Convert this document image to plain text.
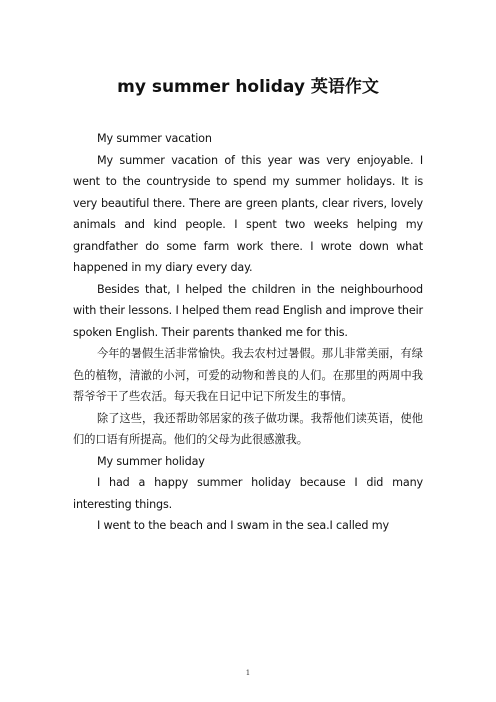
my summer holiday 英语作文

My summer vacation

My summer vacation of this year was very enjoyable. I went to the countryside to spend my summer holidays. It is very beautiful there. There are green plants, clear rivers, lovely animals and kind people. I spent two weeks helping my grandfather do some farm work there. I wrote down what happened in my diary every day.

Besides that, I helped the children in the neighbourhood with their lessons. I helped them read English and improve their spoken English. Their parents thanked me for this.

今年的暑假生活非常愉快。我去农村过暑假。那儿非常美丽，有绿色的植物，清澈的小河，可爱的动物和善良的人们。在那里的两周中我帮爷爷干了些农活。每天我在日记中记下所发生的事情。

除了这些，我还帮助邻居家的孩子做功课。我帮他们读英语，使他们的口语有所提高。他们的父母为此很感激我。

My summer holiday

I had a happy summer holiday because I did many interesting things.

I went to the beach and I swam in the sea.I called my

1
